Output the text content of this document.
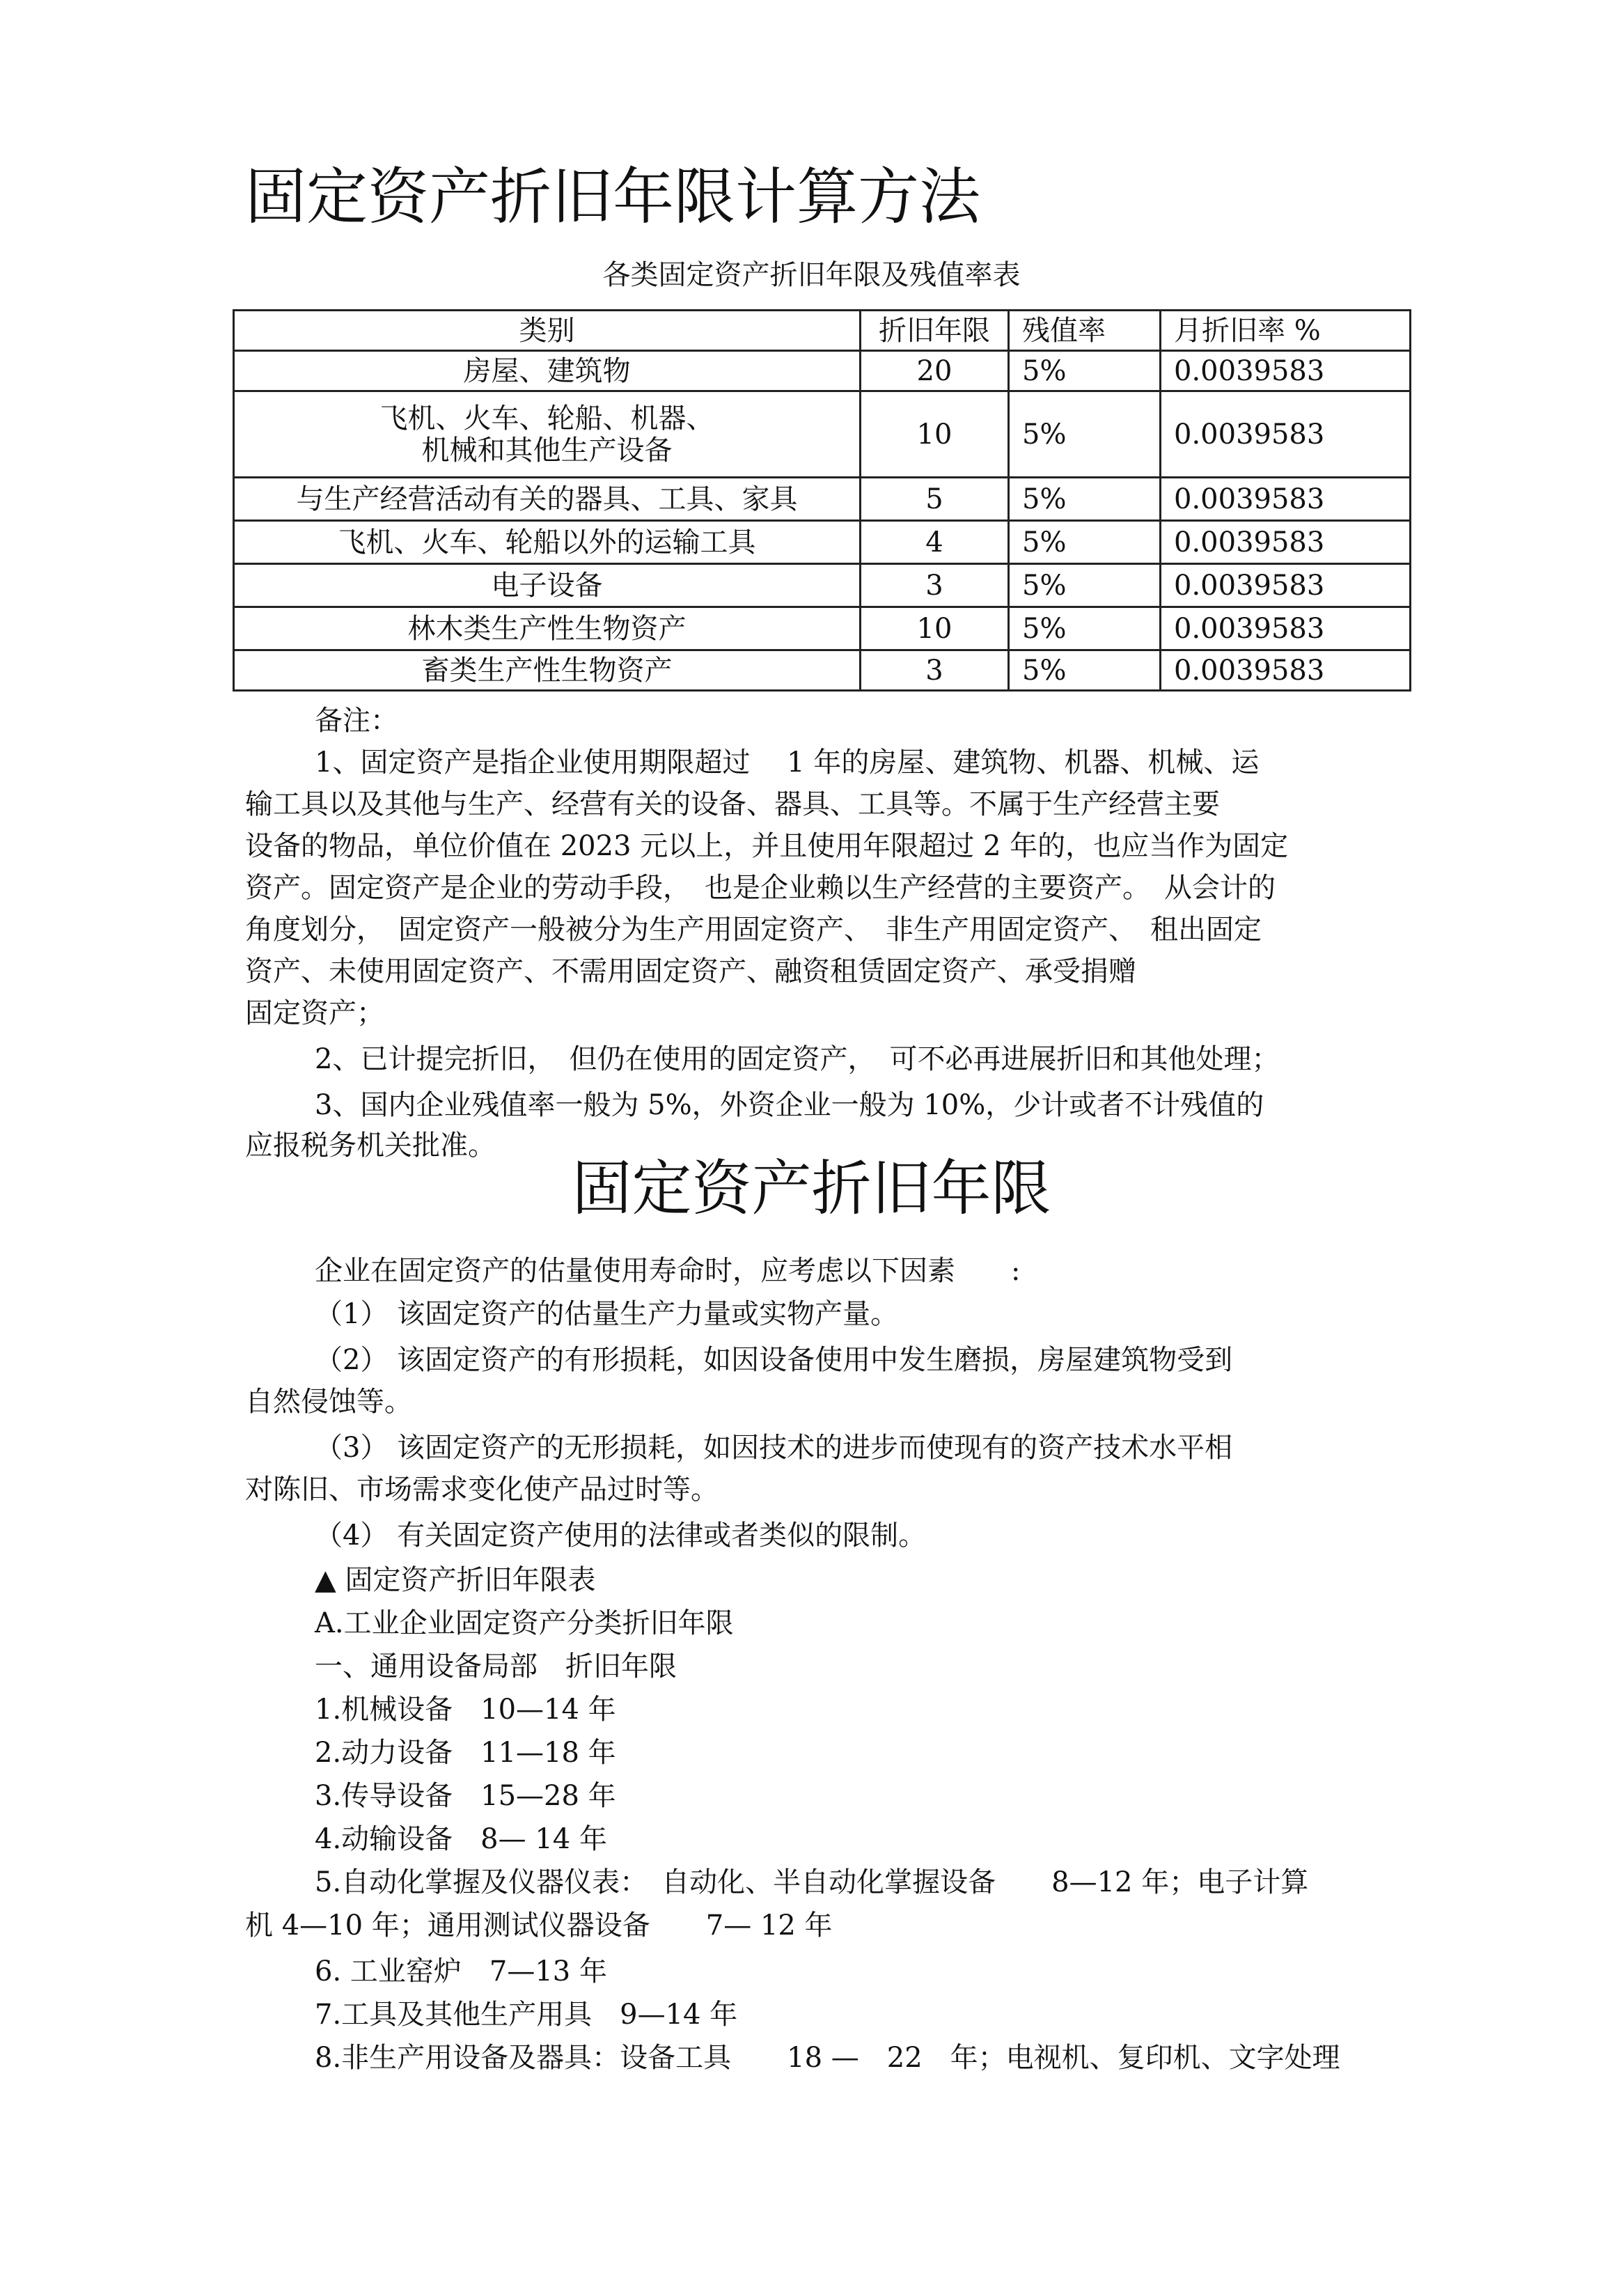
固定资产折旧年限计算方法
各类固定资产折旧年限及残值率表
类别	折旧年限	残值率	月折旧率 %
房屋、建筑物	20	5%	0.0039583

飞机、火车、轮船、机器、
机械和其他生产设备	10	5%	0.0039583
与生产经营活动有关的器具、工具、家具	5	5%	0.0039583
飞机、火车、轮船以外的运输工具	4	5%	0.0039583
电子设备	3	5%	0.0039583
林木类生产性生物资产	10	5%	0.0039583
畜类生产性生物资产	3	5%	0.0039583
备注：
1、固定资产是指企业使用期限超过　 1 年的房屋、建筑物、机器、机械、运
输工具以及其他与生产、经营有关的设备、器具、工具等。不属于生产经营主要
设备的物品，单位价值在 2023 元以上，并且使用年限超过 2 年的，也应当作为固定
资产。固定资产是企业的劳动手段，　也是企业赖以生产经营的主要资产。　从会计的
角度划分，　固定资产一般被分为生产用固定资产、　非生产用固定资产、　租出固定
资产、未使用固定资产、不需用固定资产、融资租赁固定资产、承受捐赠
固定资产；
2、已计提完折旧，　但仍在使用的固定资产，　可不必再进展折旧和其他处理；
3、国内企业残值率一般为 5%，外资企业一般为 10%，少计或者不计残值的
应报税务机关批准。
固定资产折旧年限
企业在固定资产的估量使用寿命时，应考虑以下因素　　:
（1） 该固定资产的估量生产力量或实物产量。
（2） 该固定资产的有形损耗，如因设备使用中发生磨损，房屋建筑物受到
自然侵蚀等。
（3） 该固定资产的无形损耗，如因技术的进步而使现有的资产技术水平相
对陈旧、市场需求变化使产品过时等。
（4） 有关固定资产使用的法律或者类似的限制。
▲ 固定资产折旧年限表
A.工业企业固定资产分类折旧年限
一、通用设备局部　折旧年限
1.机械设备　10—14 年
2.动力设备　11—18 年
3.传导设备　15—28 年
4.动输设备　8— 14 年
5.自动化掌握及仪器仪表：　自动化、半自动化掌握设备　　8—12 年；电子计算
机 4—10 年；通用测试仪器设备　　7— 12 年
6. 工业窑炉　7—13 年
7.工具及其他生产用具　9—14 年
8.非生产用设备及器具：设备工具　　18 —　22　年；电视机、复印机、文字处理
